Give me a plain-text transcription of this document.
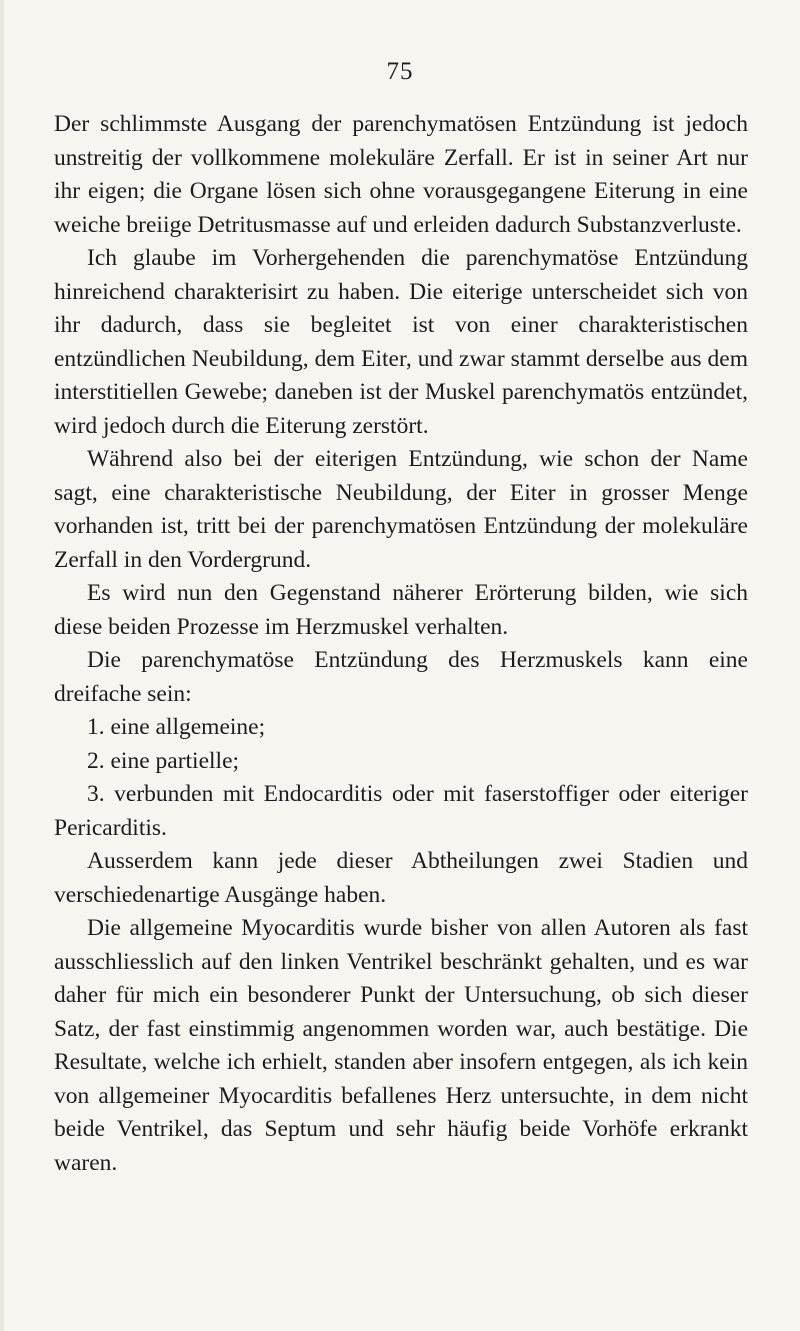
75

Der schlimmste Ausgang der parenchymatösen Entzündung ist jedoch unstreitig der vollkommene molekuläre Zerfall. Er ist in seiner Art nur ihr eigen; die Organe lösen sich ohne vorausgegangene Eiterung in eine weiche breiige Detritusmasse auf und erleiden dadurch Substanzverluste.

Ich glaube im Vorhergehenden die parenchymatöse Entzündung hinreichend charakterisirt zu haben. Die eiterige unterscheidet sich von ihr dadurch, dass sie begleitet ist von einer charakteristischen entzündlichen Neubildung, dem Eiter, und zwar stammt derselbe aus dem interstitiellen Gewebe; daneben ist der Muskel parenchymatös entzündet, wird jedoch durch die Eiterung zerstört.

Während also bei der eiterigen Entzündung, wie schon der Name sagt, eine charakteristische Neubildung, der Eiter in grosser Menge vorhanden ist, tritt bei der parenchymatösen Entzündung der molekuläre Zerfall in den Vordergrund.

Es wird nun den Gegenstand näherer Erörterung bilden, wie sich diese beiden Prozesse im Herzmuskel verhalten.

Die parenchymatöse Entzündung des Herzmuskels kann eine dreifache sein:

1. eine allgemeine;

2. eine partielle;

3. verbunden mit Endocarditis oder mit faserstoffiger oder eiteriger Pericarditis.

Ausserdem kann jede dieser Abtheilungen zwei Stadien und verschiedenartige Ausgänge haben.

Die allgemeine Myocarditis wurde bisher von allen Autoren als fast ausschliesslich auf den linken Ventrikel beschränkt gehalten, und es war daher für mich ein besonderer Punkt der Untersuchung, ob sich dieser Satz, der fast einstimmig angenommen worden war, auch bestätige. Die Resultate, welche ich erhielt, standen aber insofern entgegen, als ich kein von allgemeiner Myocarditis befallenes Herz untersuchte, in dem nicht beide Ventrikel, das Septum und sehr häufig beide Vorhöfe erkrankt waren.
